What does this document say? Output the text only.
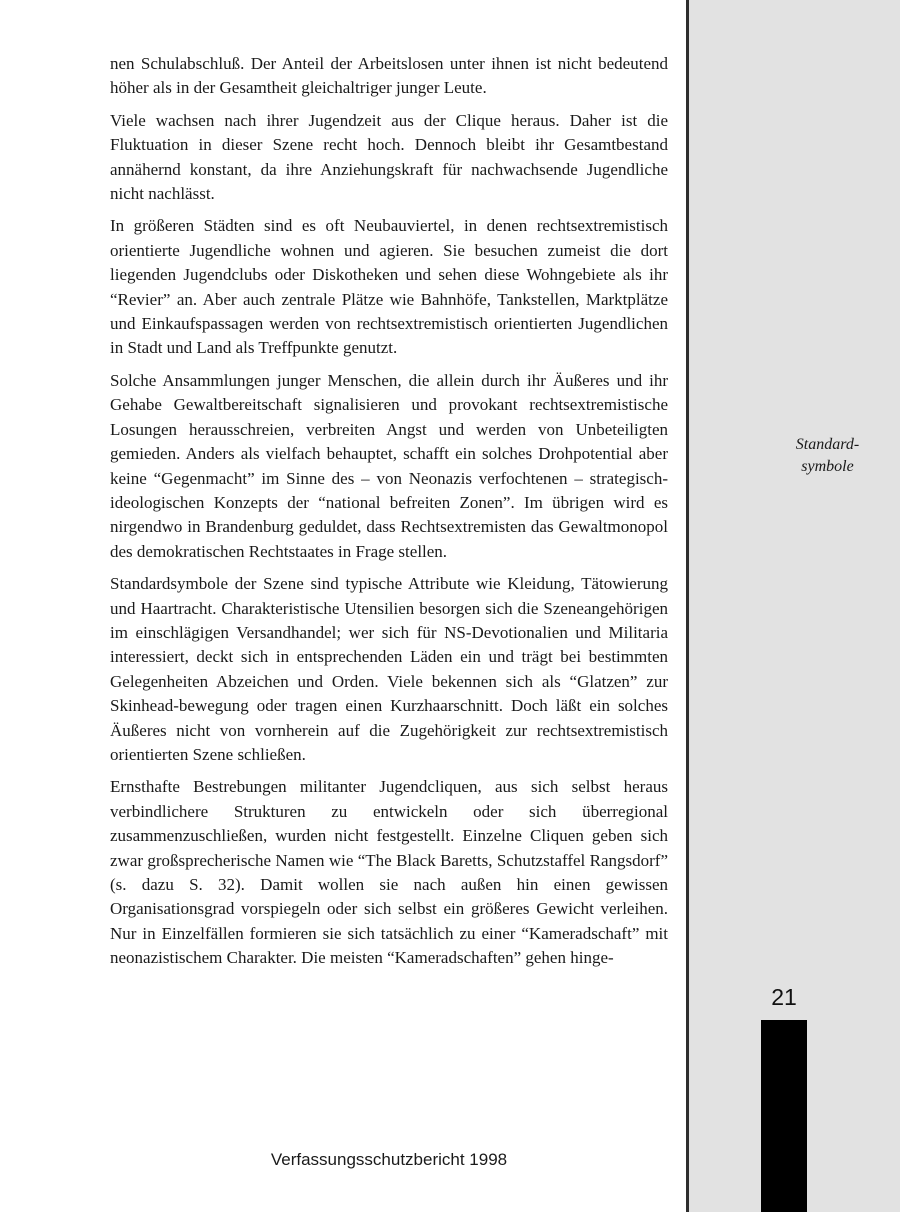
nen Schulabschluß. Der Anteil der Arbeitslosen unter ihnen ist nicht bedeutend höher als in der Gesamtheit gleichaltriger junger Leute.

Viele wachsen nach ihrer Jugendzeit aus der Clique heraus. Daher ist die Fluktuation in dieser Szene recht hoch. Dennoch bleibt ihr Gesamtbestand annähernd konstant, da ihre Anziehungskraft für nachwachsende Jugendliche nicht nachlässt.

In größeren Städten sind es oft Neubauviertel, in denen rechtsextremistisch orientierte Jugendliche wohnen und agieren. Sie besuchen zumeist die dort liegenden Jugendclubs oder Diskotheken und sehen diese Wohngebiete als ihr “Revier” an. Aber auch zentrale Plätze wie Bahnhöfe, Tankstellen, Marktplätze und Einkaufspassagen werden von rechtsextremistisch orientierten Jugendlichen in Stadt und Land als Treffpunkte genutzt.

Solche Ansammlungen junger Menschen, die allein durch ihr Äußeres und ihr Gehabe Gewaltbereitschaft signalisieren und provokant rechtsextremistische Losungen herausschreien, verbreiten Angst und werden von Unbeteiligten gemieden. Anders als vielfach behauptet, schafft ein solches Drohpotential aber keine “Gegenmacht” im Sinne des – von Neonazis verfochtenen – strategisch-ideologischen Konzepts der “national befreiten Zonen”. Im übrigen wird es nirgendwo in Brandenburg geduldet, dass Rechtsextremisten das Gewaltmonopol des demokratischen Rechtstaates in Frage stellen.

Standardsymbole der Szene sind typische Attribute wie Kleidung, Tätowierung und Haartracht. Charakteristische Utensilien besorgen sich die Szeneangehörigen im einschlägigen Versandhandel; wer sich für NS-Devotionalien und Militaria interessiert, deckt sich in entsprechenden Läden ein und trägt bei bestimmten Gelegenheiten Abzeichen und Orden. Viele bekennen sich als “Glatzen” zur Skinhead-bewegung oder tragen einen Kurzhaarschnitt. Doch läßt ein solches Äußeres nicht von vornherein auf die Zugehörigkeit zur rechtsextremistisch orientierten Szene schließen.

Ernsthafte Bestrebungen militanter Jugendcliquen, aus sich selbst heraus verbindlichere Strukturen zu entwickeln oder sich überregional zusammenzuschließen, wurden nicht festgestellt. Einzelne Cliquen geben sich zwar großsprecherische Namen wie “The Black Baretts, Schutzstaffel Rangsdorf” (s. dazu S. 32). Damit wollen sie nach außen hin einen gewissen Organisationsgrad vorspiegeln oder sich selbst ein größeres Gewicht verleihen. Nur in Einzelfällen formieren sie sich tatsächlich zu einer “Kameradschaft” mit neonazistischem Charakter. Die meisten “Kameradschaften” gehen hinge-

Standard-
symbole
21
Verfassungsschutzbericht 1998
